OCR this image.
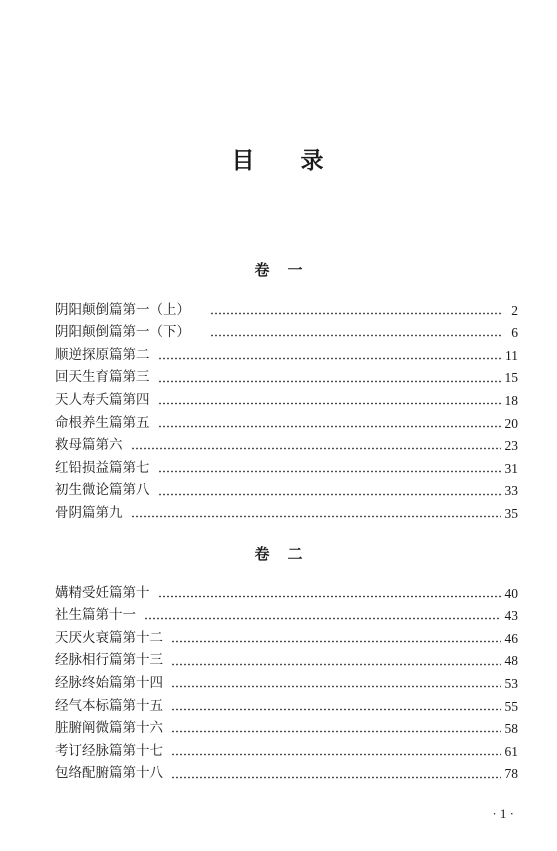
目 录
卷 一
阴阳颠倒篇第一（上）	2
阴阳颠倒篇第一（下）	6
顺逆探原篇第二	11
回天生育篇第三	15
天人寿夭篇第四	18
命根养生篇第五	20
救母篇第六	23
红铅损益篇第七	31
初生微论篇第八	33
骨阴篇第九	35
卷 二
媾精受妊篇第十	40
社生篇第十一	43
天厌火衰篇第十二	46
经脉相行篇第十三	48
经脉终始篇第十四	53
经气本标篇第十五	55
脏腑阐微篇第十六	58
考订经脉篇第十七	61
包络配腑篇第十八	78
· 1 ·
